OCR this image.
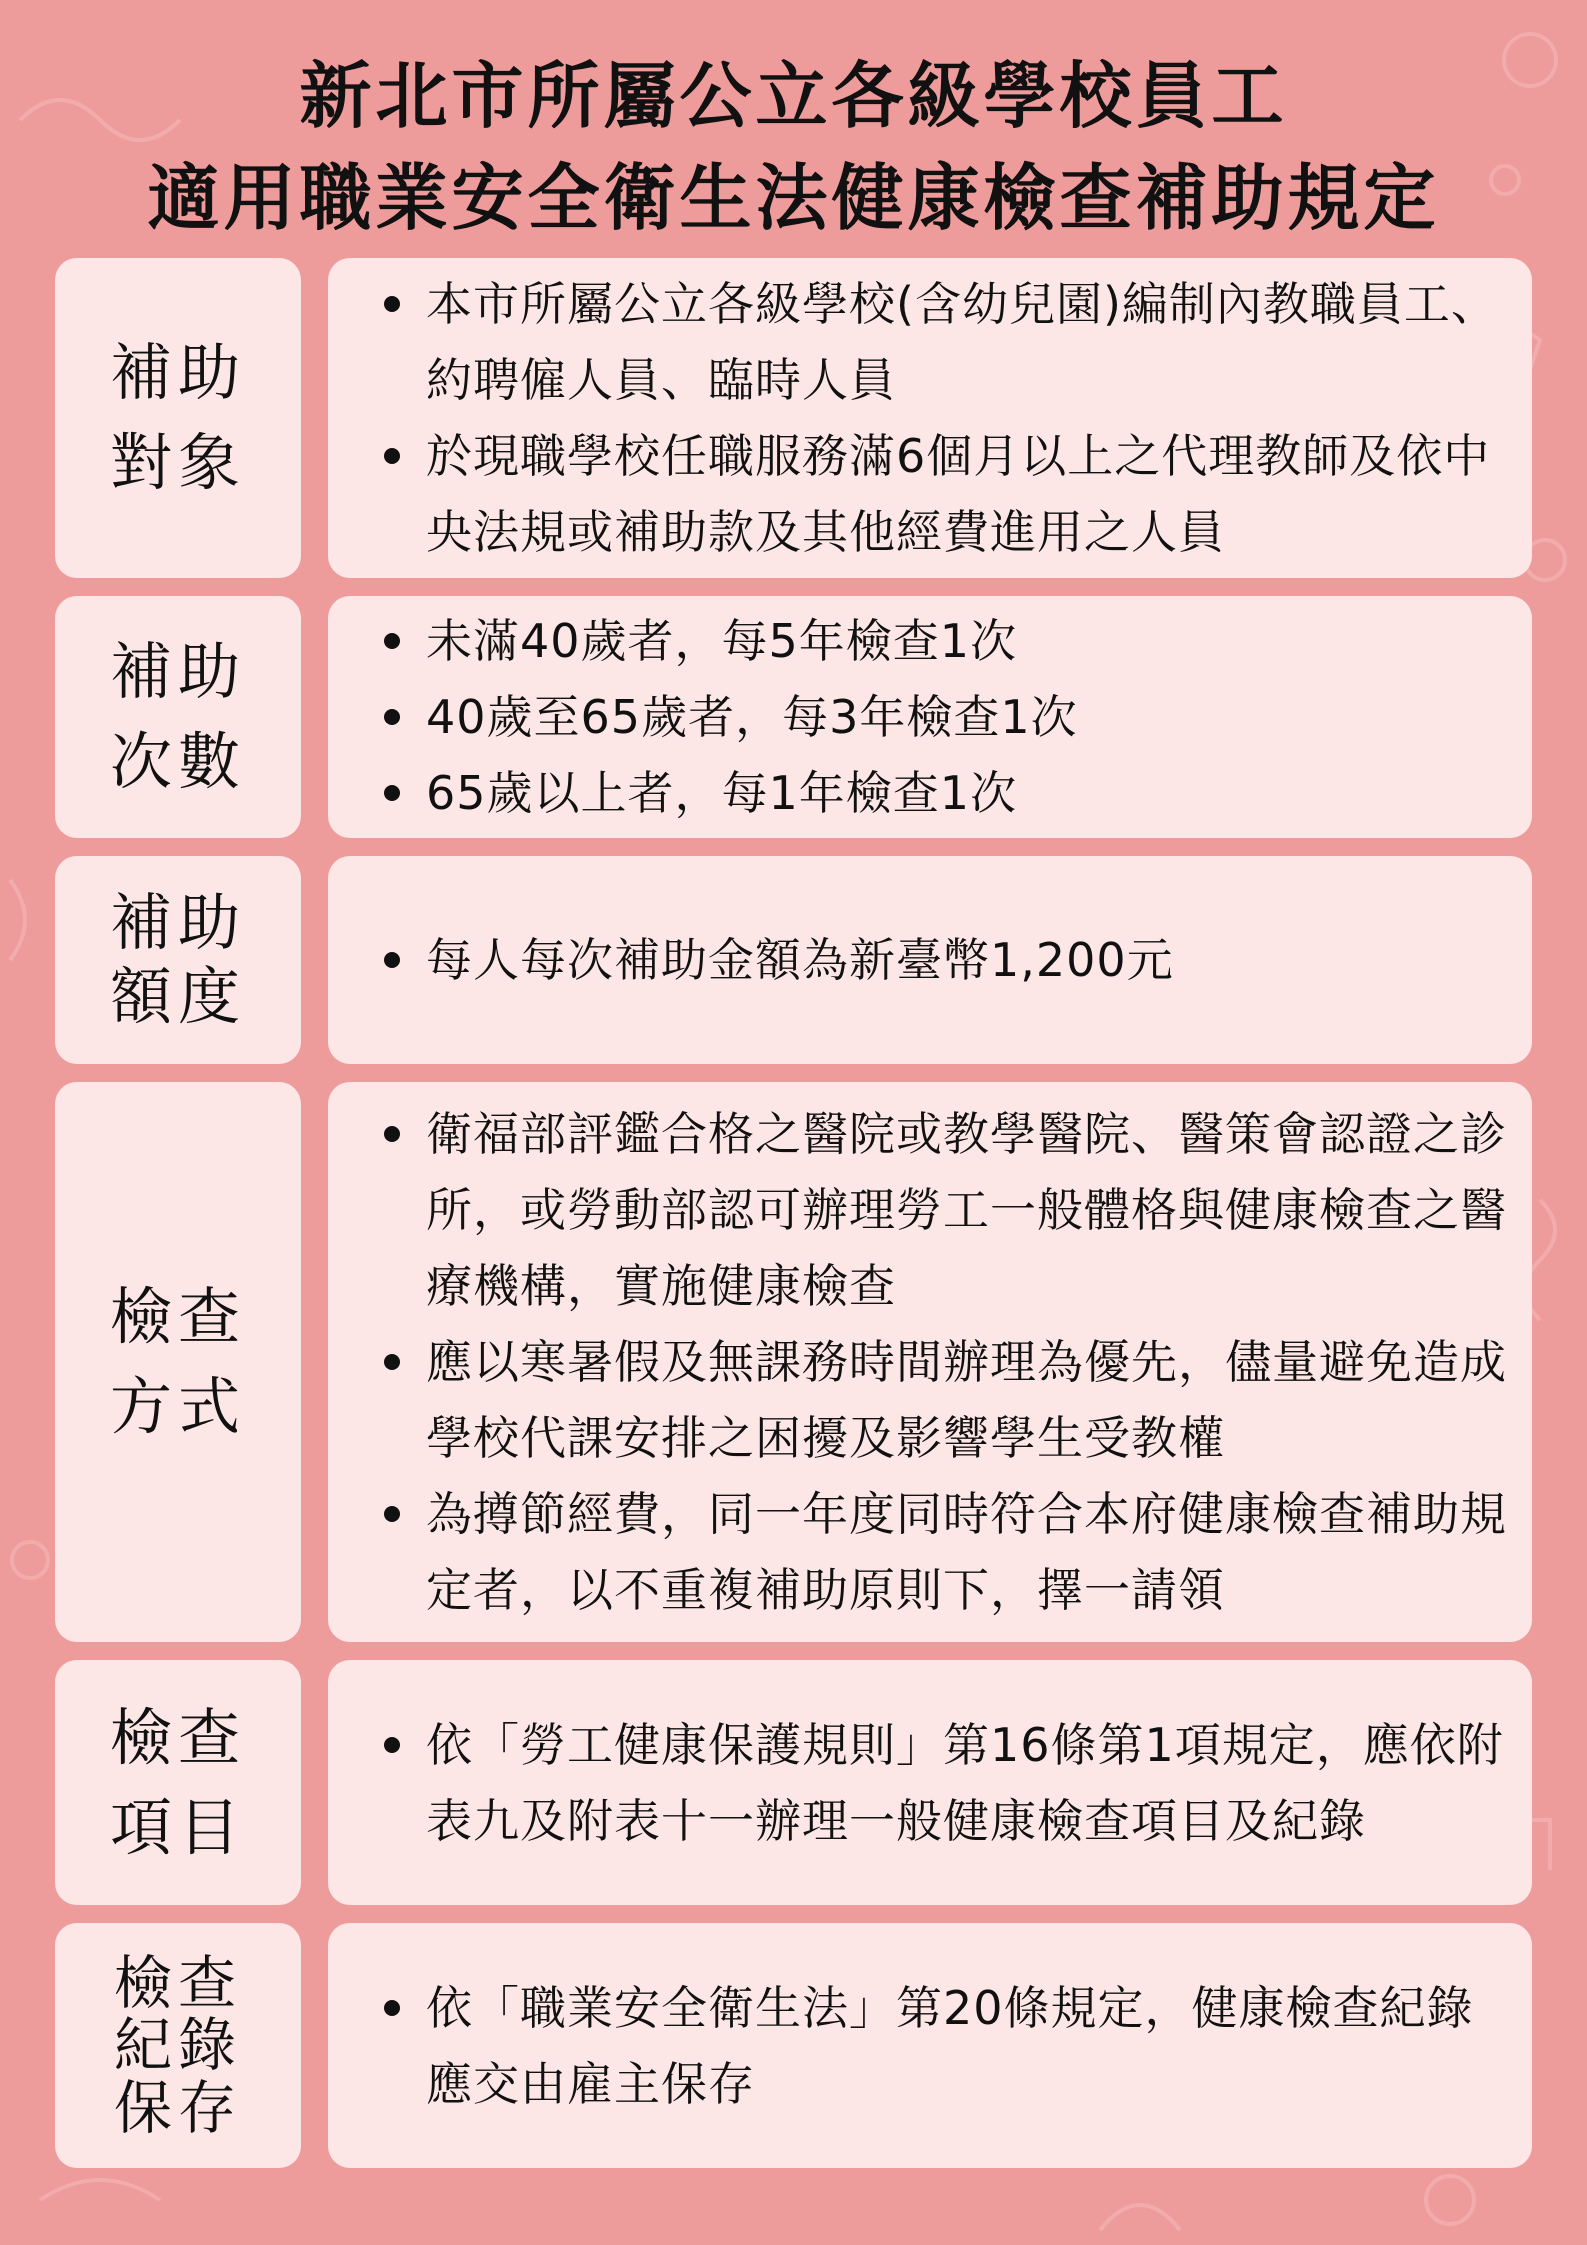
新北市所屬公立各級學校員工
適用職業安全衛生法健康檢查補助規定
補助
對象
本市所屬公立各級學校(含幼兒園)編制內教職員工、約聘僱人員、臨時人員
於現職學校任職服務滿6個月以上之代理教師及依中央法規或補助款及其他經費進用之人員
補助
次數
未滿40歲者，每5年檢查1次
40歲至65歲者，每3年檢查1次
65歲以上者，每1年檢查1次
補助
額度	每人每次補助金額為新臺幣1,200元
檢查
方式
衛福部評鑑合格之醫院或教學醫院、醫策會認證之診所，或勞動部認可辦理勞工一般體格與健康檢查之醫療機構，實施健康檢查
應以寒暑假及無課務時間辦理為優先，儘量避免造成學校代課安排之困擾及影響學生受教權
為撙節經費，同一年度同時符合本府健康檢查補助規定者，以不重複補助原則下，擇一請領
檢查
項目
依「勞工健康保護規則」第16條第1項規定，應依附表九及附表十一辦理一般健康檢查項目及紀錄
檢查
紀錄
保存
依「職業安全衛生法」第20條規定，健康檢查紀錄應交由雇主保存
